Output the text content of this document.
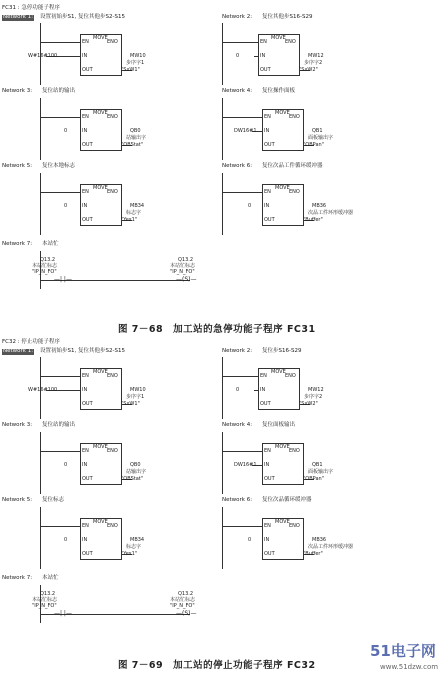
FC31 : 急停功能子程序
Network 1: 设置初始步S1, 复位其他步S2-S15	Network 2: 复位其他步S16-S29
MOVE
EN	ENO
IN
OUT
W#16#100	MW10
步序字1
"SxW1"
MOVE
EN	ENO
IN
OUT
0	MW12
步序字2
"SxW2"
Network 3: 复位站的输出	Network 4: 复位操作面板
MOVE
EN	ENO
IN
OUT
0	QB0
站输出字
"OBStat"
MOVE
EN	ENO
IN
OUT
DW16#1	QB1
面板输出字
"OBPan"
Network 5: 复位本地标志	Network 6: 复位次品工件循环缓冲器
MOVE
EN	ENO
IN
OUT
0	MB34
标志字
"Yex1"
MOVE
EN	ENO
IN
OUT
0	MB36
次品工件环形缓冲器
"Buffer"
Network 7: 本站忙
Q13.2
本站忙标志
"IP_N_FO"
—| |—
Q13.2
本站忙标志
"IP_N_FO"
—(S)—
图 7－68　加工站的急停功能子程序 FC31
FC32 : 停止功能子程序
Network 1: 设置初始步S1, 复位其他步S2-S15	Network 2: 复位步S16-S29
MOVE
EN	ENO
IN
OUT
W#16#100	MW10
步序字1
"SxW1"
MOVE
EN	ENO
IN
OUT
0	MW12
步序字2
"SxW2"
Network 3: 复位站的输出	Network 4: 复位面板输出
MOVE
EN	ENO
IN
OUT
0	QB0
站输出字
"OBStat"
MOVE
EN	ENO
IN
OUT
DW16#1	QB1
面板输出字
"OBPan"
Network 5: 复位标志	Network 6: 复位次品循环缓冲器
MOVE
EN	ENO
IN
OUT
0	MB34
标志字
"Yex1"
MOVE
EN	ENO
IN
OUT
0	MB36
次品工件环形缓冲器
"Buffer"
Network 7: 本站忙
Q13.2
本站忙标志
"IP_N_FO"
—| |—
Q13.2
本站忙标志
"IP_N_FO"
—(S)—
图 7－69　加工站的停止功能子程序 FC32
51电子网
www.51dzw.com
